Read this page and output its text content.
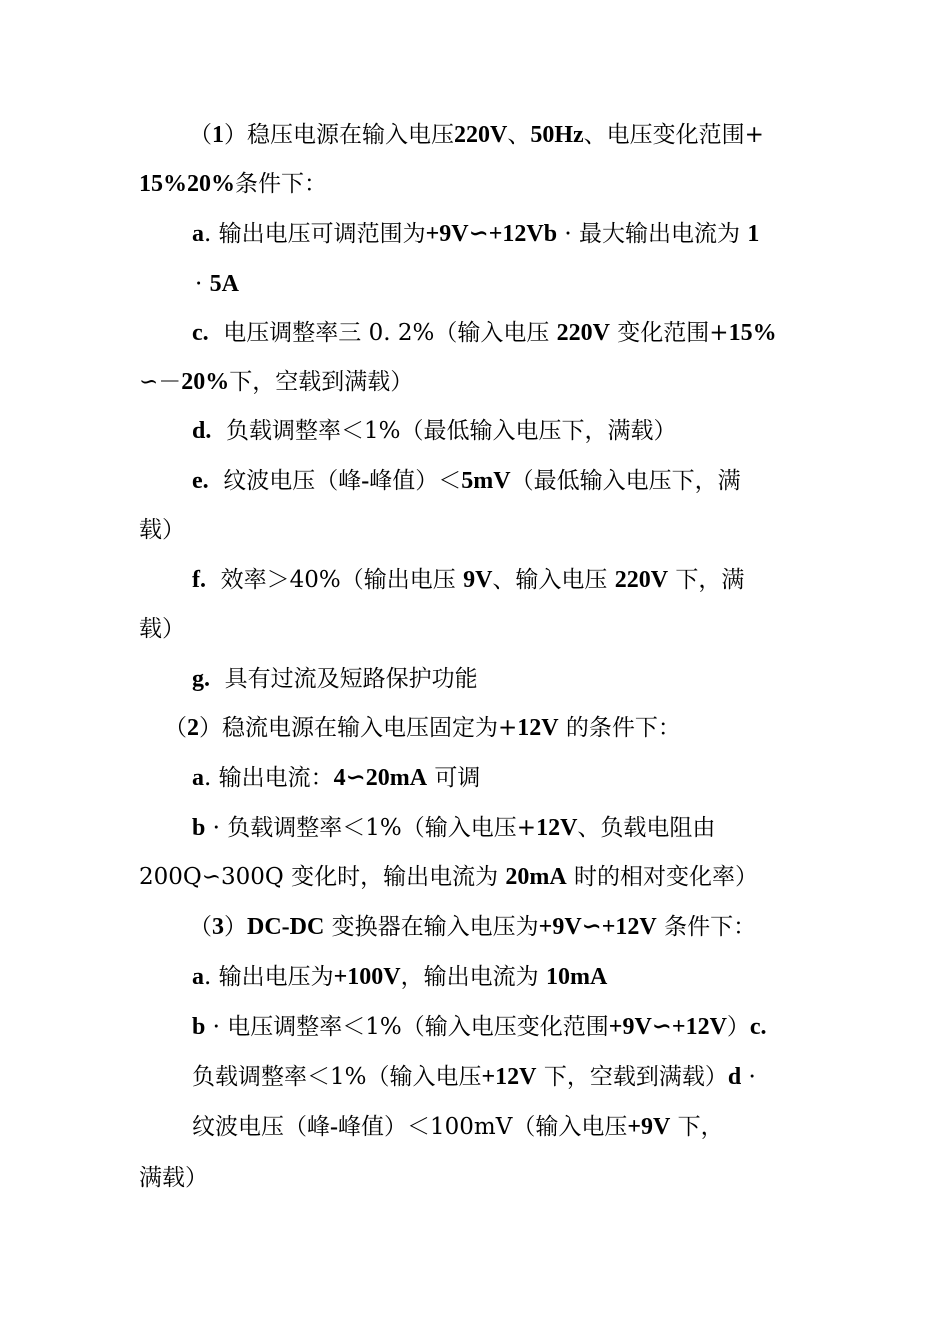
（1）稳压电源在输入电压220V、50Hz、电压变化范围+
15%20%条件下：
a. 输出电压可调范围为+9V∽+12Vb · 最大输出电流为 1
· 5A
c. 电压调整率三 0. 2%（输入电压 220V 变化范围+15%
∽－20%下，空载到满载）
d. 负载调整率＜1%（最低输入电压下，满载）
e. 纹波电压（峰-峰值）＜5mV（最低输入电压下，满
载）
f. 效率＞40%（输出电压 9V、输入电压 220V 下，满
载）
g. 具有过流及短路保护功能
（2）稳流电源在输入电压固定为+12V 的条件下：
a. 输出电流：4∽20mA 可调
b · 负载调整率＜1%（输入电压+12V、负载电阻由
200Q∽300Q 变化时，输出电流为 20mA 时的相对变化率）
（3）DC-DC 变换器在输入电压为+9V∽+12V 条件下：
a. 输出电压为+100V，输出电流为 10mA
b · 电压调整率＜1%（输入电压变化范围+9V∽+12V）c.
负载调整率＜1%（输入电压+12V 下，空载到满载）d ·
纹波电压（峰-峰值）＜100mV（输入电压+9V 下，
满载）
